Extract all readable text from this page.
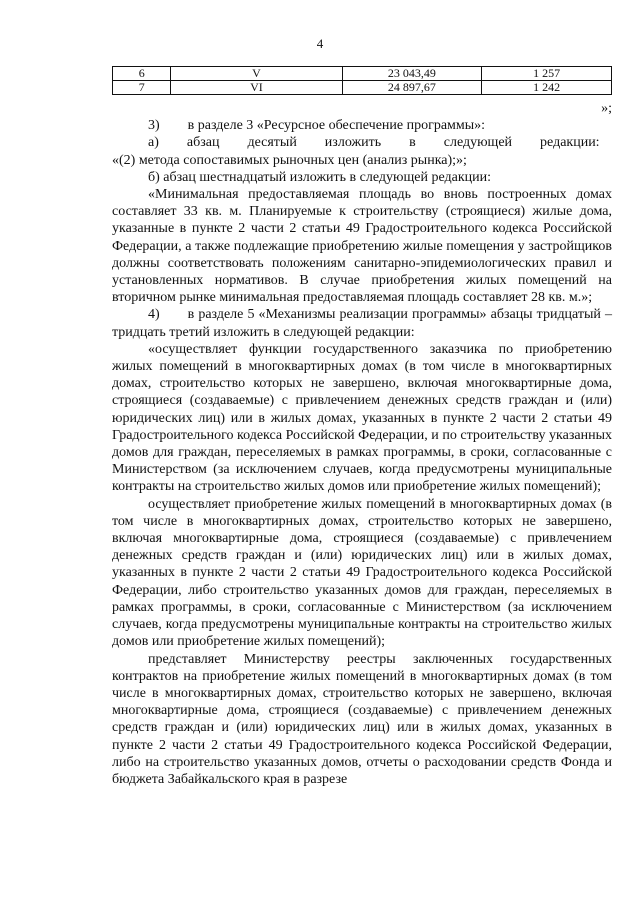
4
6	V	23 043,49	1 257
7	VI	24 897,67	1 242
»;

3)  в разделе 3 «Ресурсное обеспечение программы»:

а)  абзац  десятый  изложить  в  следующей  редакции: «(2) метода сопоставимых рыночных цен (анализ рынка);»;

б) абзац шестнадцатый изложить в следующей редакции:

«Минимальная предоставляемая площадь во вновь построенных домах составляет 33 кв. м. Планируемые к строительству (строящиеся) жилые дома, указанные в пункте 2 части 2 статьи 49 Градостроительного кодекса Российской Федерации, а также подлежащие приобретению жилые помещения у застройщиков должны соответствовать положениям санитарно-эпидемиологических правил и установленных нормативов. В случае приобретения жилых помещений на вторичном рынке минимальная предоставляемая площадь составляет 28 кв. м.»;

4)  в разделе 5 «Механизмы реализации программы» абзацы тридцатый – тридцать третий изложить в следующей редакции:

«осуществляет функции государственного заказчика по приобретению жилых помещений в многоквартирных домах (в том числе в многоквартирных домах, строительство которых не завершено, включая многоквартирные дома, строящиеся (создаваемые) с привлечением денежных средств граждан и (или) юридических лиц) или в жилых домах, указанных в пункте 2 части 2 статьи 49 Градостроительного кодекса Российской Федерации, и по строительству указанных домов для граждан, переселяемых в рамках программы, в сроки, согласованные с Министерством (за исключением случаев, когда предусмотрены муниципальные контракты на строительство жилых домов или приобретение жилых помещений);

осуществляет приобретение жилых помещений в многоквартирных домах (в том числе в многоквартирных домах, строительство которых не завершено, включая многоквартирные дома, строящиеся (создаваемые) с привлечением денежных средств граждан и (или) юридических лиц) или в жилых домах, указанных в пункте 2 части 2 статьи 49 Градостроительного кодекса Российской Федерации, либо строительство указанных домов для граждан, переселяемых в рамках программы, в сроки, согласованные с Министерством (за исключением случаев, когда предусмотрены муниципальные контракты на строительство жилых домов или приобретение жилых помещений);

представляет Министерству реестры заключенных государственных контрактов на приобретение жилых помещений в многоквартирных домах (в том числе в многоквартирных домах, строительство которых не завершено, включая многоквартирные дома, строящиеся (создаваемые) с привлечением денежных средств граждан и (или) юридических лиц) или в жилых домах, указанных в пункте 2 части 2 статьи 49 Градостроительного кодекса Российской Федерации, либо на строительство указанных домов, отчеты о расходовании средств Фонда и бюджета Забайкальского края в разрезе
